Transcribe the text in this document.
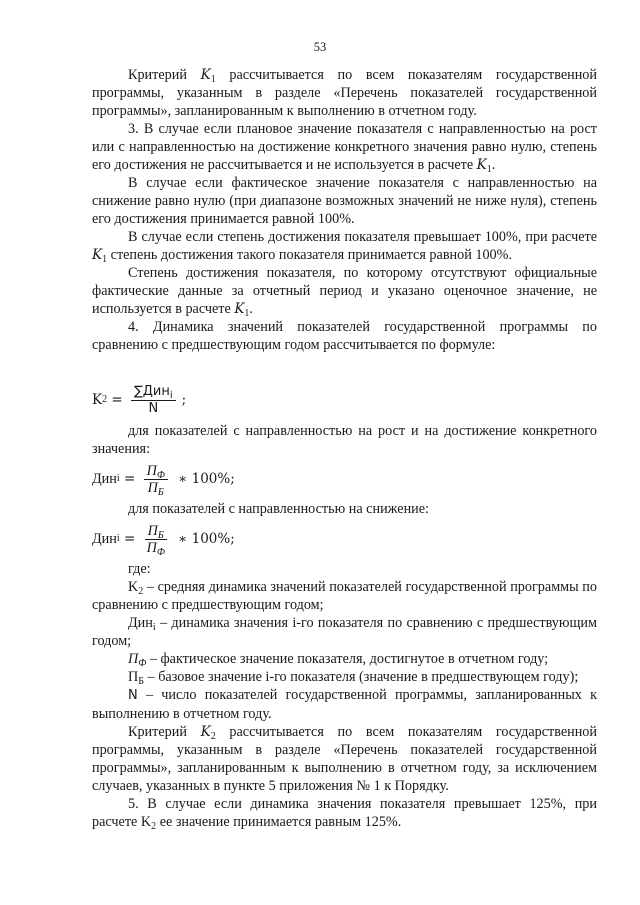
53

Критерий $K_1$ рассчитывается по всем показателям государственной программы, указанным в разделе «Перечень показателей государственной программы», запланированным к выполнению в отчетном году.

3. В случае если плановое значение показателя с направленностью на рост или с направленностью на достижение конкретного значения равно нулю, степень его достижения не рассчитывается и не используется в расчете $K_1$.

В случае если фактическое значение показателя с направленностью на снижение равно нулю (при диапазоне возможных значений не ниже нуля), степень его достижения принимается равной 100%.

В случае если степень достижения показателя превышает 100%, при расчете $K_1$ степень достижения такого показателя принимается равной 100%.

Степень достижения показателя, по которому отсутствуют официальные фактические данные за отчетный период и указано оценочное значение, не используется в расчете $K_1$.

4. Динамика значений показателей государственной программы по сравнению с предшествующим годом рассчитывается по формуле:

K $2 = \frac{\sum Дин_i}{N}$ ;

для показателей с направленностью на рост и на достижение конкретного значения:

Дин $i = \frac{П_Ф}{П_Б}$ ∗ 100%;

для показателей с направленностью на снижение:

Дин $i = \frac{П_Б}{П_Ф}$ ∗ 100%;

где:

$K_2$ – средняя динамика значений показателей государственной программы по сравнению с предшествующим годом;

Дин$_i$ – динамика значения i-го показателя по сравнению с предшествующим годом;

$П_Ф$ – фактическое значение показателя, достигнутое в отчетном году;

$П_Б$ – базовое значение i-го показателя (значение в предшествующем году);

N – число показателей государственной программы, запланированных к выполнению в отчетном году.

Критерий $K_2$ рассчитывается по всем показателям государственной программы, указанным в разделе «Перечень показателей государственной программы», запланированным к выполнению в отчетном году, за исключением случаев, указанных в пункте 5 приложения № 1 к Порядку.

5. В случае если динамика значения показателя превышает 125%, при расчете $K_2$ ее значение принимается равным 125%.
